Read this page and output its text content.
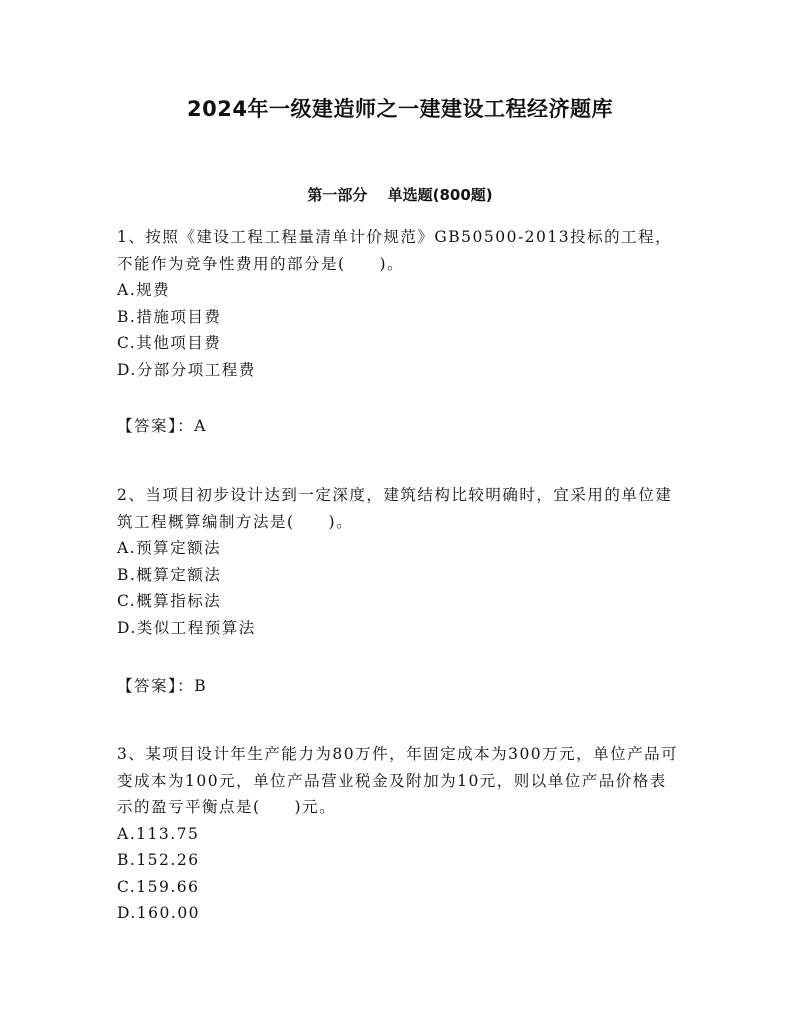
2024年一级建造师之一建建设工程经济题库
第一部分　 单选题(800题)

1、按照《建设工程工程量清单计价规范》GB50500-2013投标的工程，不能作为竞争性费用的部分是(　　)。

A.规费

B.措施项目费

C.其他项目费

D.分部分项工程费

【答案】：A

2、当项目初步设计达到一定深度，建筑结构比较明确时，宜采用的单位建筑工程概算编制方法是(　　)。

A.预算定额法

B.概算定额法

C.概算指标法

D.类似工程预算法

【答案】：B

3、某项目设计年生产能力为80万件，年固定成本为300万元，单位产品可变成本为100元，单位产品营业税金及附加为10元，则以单位产品价格表示的盈亏平衡点是(　　)元。

A.113.75

B.152.26

C.159.66

D.160.00
